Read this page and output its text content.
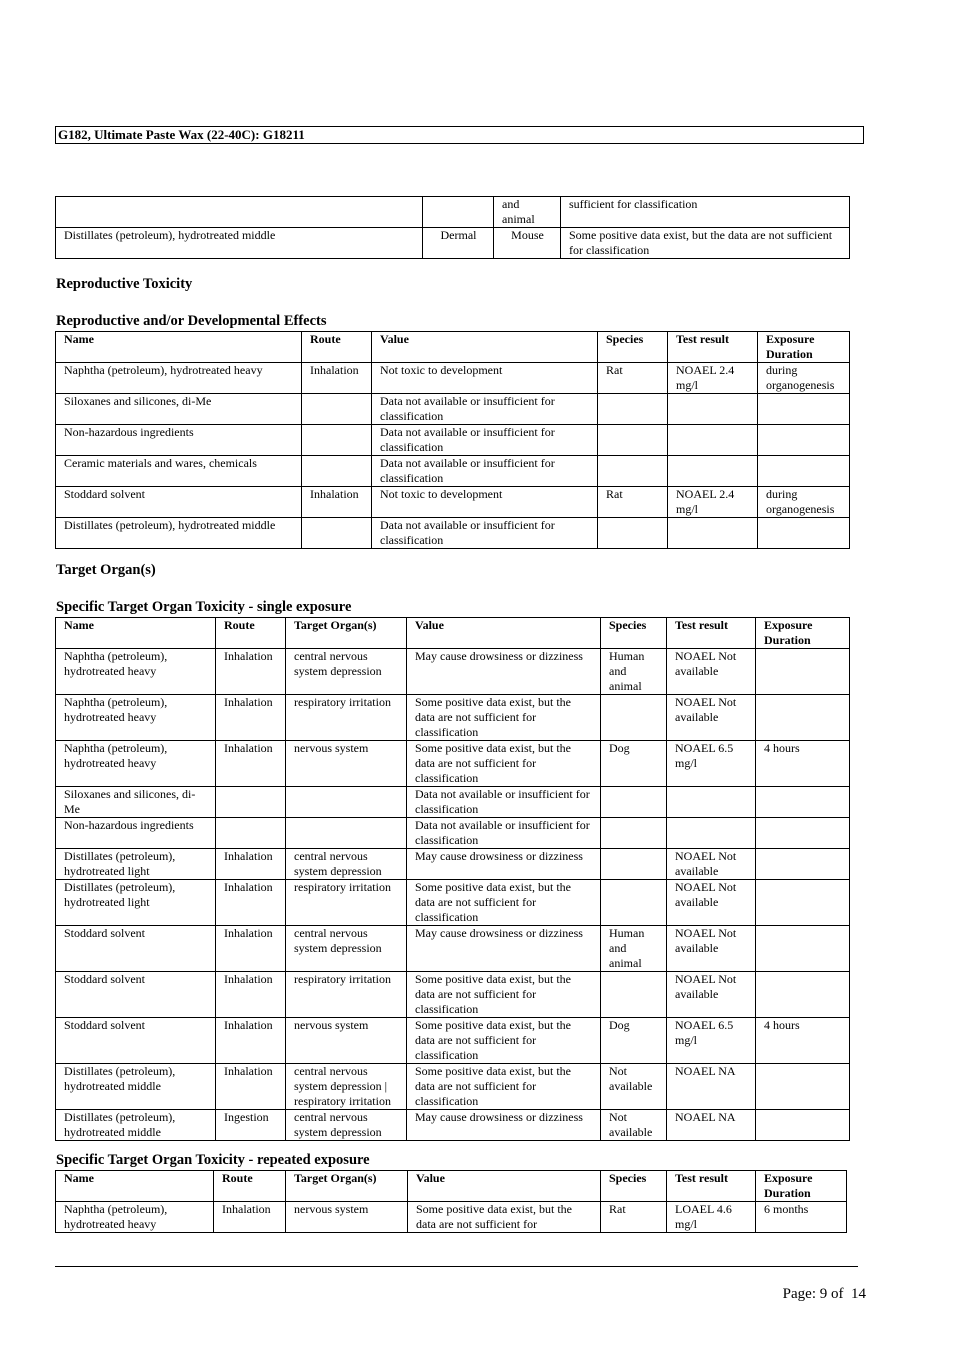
G182, Ultimate Paste Wax (22-40C): G18211
		and animal	sufficient for classification
Distillates (petroleum), hydrotreated middle	Dermal	Mouse	Some positive data exist, but the data are not sufficient for classification
Reproductive Toxicity
Reproductive and/or Developmental Effects
Name	Route	Value	Species	Test result	Exposure Duration
Naphtha (petroleum), hydrotreated heavy	Inhalation	Not toxic to development	Rat	NOAEL 2.4 mg/l	during organogenesis
Siloxanes and silicones, di-Me		Data not available or insufficient for classification			
Non-hazardous ingredients		Data not available or insufficient for classification			
Ceramic materials and wares, chemicals		Data not available or insufficient for classification			
Stoddard solvent	Inhalation	Not toxic to development	Rat	NOAEL 2.4 mg/l	during organogenesis
Distillates (petroleum), hydrotreated middle		Data not available or insufficient for classification			
Target Organ(s)
Specific Target Organ Toxicity - single exposure
Name	Route	Target Organ(s)	Value	Species	Test result	Exposure Duration
Naphtha (petroleum), hydrotreated heavy	Inhalation	central nervous system depression	May cause drowsiness or dizziness	Human and animal	NOAEL Not available	
Naphtha (petroleum), hydrotreated heavy	Inhalation	respiratory irritation	Some positive data exist, but the data are not sufficient for classification		NOAEL Not available	
Naphtha (petroleum), hydrotreated heavy	Inhalation	nervous system	Some positive data exist, but the data are not sufficient for classification	Dog	NOAEL 6.5 mg/l	4 hours
Siloxanes and silicones, di-Me			Data not available or insufficient for classification			
Non-hazardous ingredients			Data not available or insufficient for classification			
Distillates (petroleum), hydrotreated light	Inhalation	central nervous system depression	May cause drowsiness or dizziness		NOAEL Not available	
Distillates (petroleum), hydrotreated light	Inhalation	respiratory irritation	Some positive data exist, but the data are not sufficient for classification		NOAEL Not available	
Stoddard solvent	Inhalation	central nervous system depression	May cause drowsiness or dizziness	Human and animal	NOAEL Not available	
Stoddard solvent	Inhalation	respiratory irritation	Some positive data exist, but the data are not sufficient for classification		NOAEL Not available	
Stoddard solvent	Inhalation	nervous system	Some positive data exist, but the data are not sufficient for classification	Dog	NOAEL 6.5 mg/l	4 hours
Distillates (petroleum), hydrotreated middle	Inhalation	central nervous system depression | respiratory irritation	Some positive data exist, but the data are not sufficient for classification	Not available	NOAEL NA	
Distillates (petroleum), hydrotreated middle	Ingestion	central nervous system depression	May cause drowsiness or dizziness	Not available	NOAEL NA	
Specific Target Organ Toxicity - repeated exposure
Name	Route	Target Organ(s)	Value	Species	Test result	Exposure Duration
Naphtha (petroleum), hydrotreated heavy	Inhalation	nervous system	Some positive data exist, but the data are not sufficient for	Rat	LOAEL 4.6 mg/l	6 months
Page: 9 of  14
